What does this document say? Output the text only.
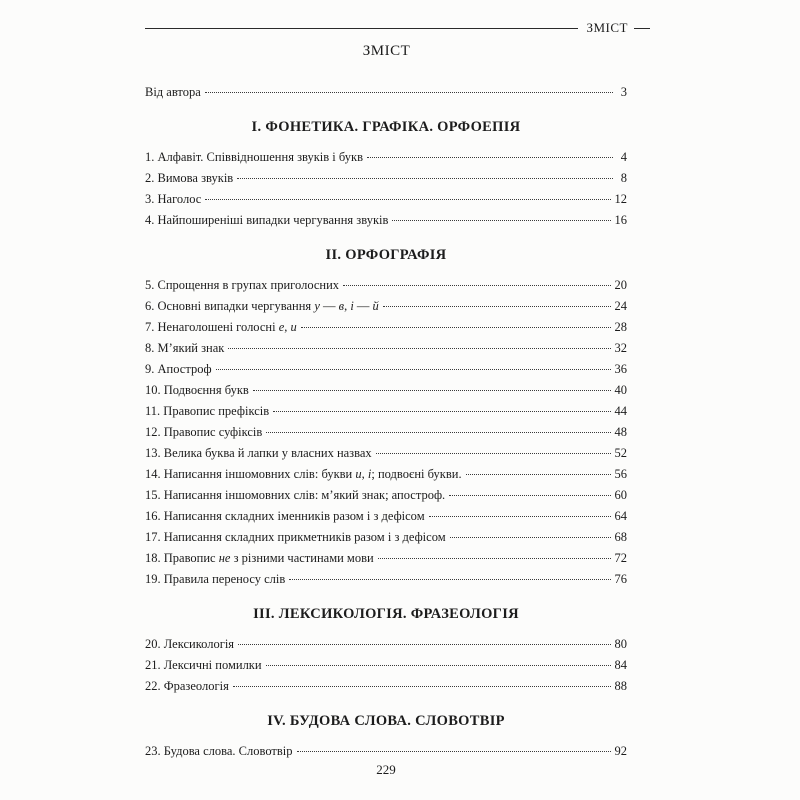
ЗМІСТ
ЗМІСТ
Від автора	3
I. ФОНЕТИКА. ГРАФІКА. ОРФОЕПІЯ
1. Алфавіт. Співвідношення звуків і букв	4
2. Вимова звуків	8
3. Наголос	12
4. Найпоширеніші випадки чергування звуків	16
II. ОРФОГРАФІЯ
5. Спрощення в групах приголосних	20
6. Основні випадки чергування у — в, і — й	24
7. Ненаголошені голосні е, и	28
8. М’який знак	32
9. Апостроф	36
10. Подвоєння букв	40
11. Правопис префіксів	44
12. Правопис суфіксів	48
13. Велика буква й лапки у власних назвах	52
14. Написання іншомовних слів: букви и, і; подвоєні букви.	56
15. Написання іншомовних слів: м’який знак; апостроф.	60
16. Написання складних іменників разом і з дефісом	64
17. Написання складних прикметників разом і з дефісом	68
18. Правопис не з різними частинами мови	72
19. Правила переносу слів	76
III. ЛЕКСИКОЛОГІЯ. ФРАЗЕОЛОГІЯ
20. Лексикологія	80
21. Лексичні помилки	84
22. Фразеологія	88
IV. БУДОВА СЛОВА. СЛОВОТВІР
23. Будова слова. Словотвір	92
229
